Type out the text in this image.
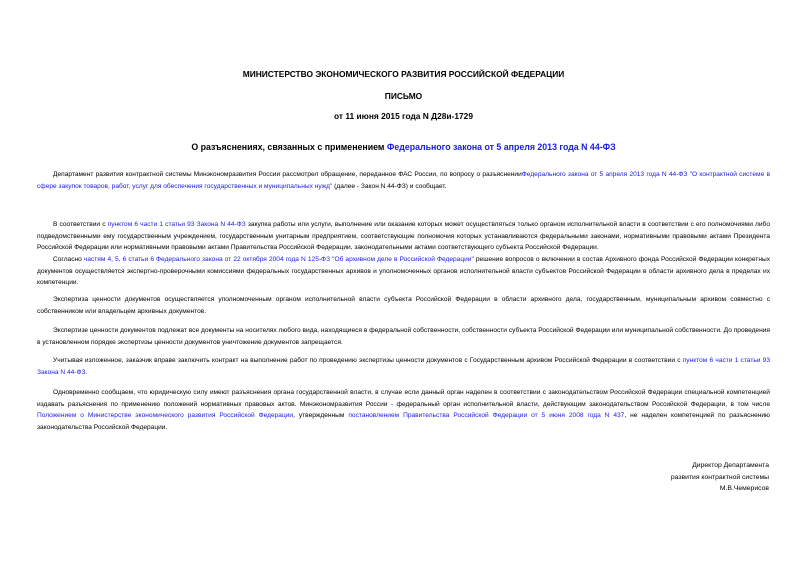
МИНИСТЕРСТВО ЭКОНОМИЧЕСКОГО РАЗВИТИЯ РОССИЙСКОЙ ФЕДЕРАЦИИ
ПИСЬМО
от 11 июня 2015 года N Д28и-1729
О разъяснениях, связанных с применением Федерального закона от 5 апреля 2013 года N 44-ФЗ
Департамент развития контрактной системы Минэкономразвития России рассмотрел обращение, переданное ФАС России, по вопросу о разъясненииФедерального закона от 5 апреля 2013 года N 44-ФЗ "О контрактной системе в сфере закупок товаров, работ, услуг для обеспечения государственных и муниципальных нужд" (далее - Закон N 44-ФЗ) и сообщает.
В соответствии с пунктом 6 части 1 статьи 93 Закона N 44-ФЗ закупка работы или услуги, выполнение или оказание которых может осуществляться только органом исполнительной власти в соответствии с его полномочиями либо подведомственными ему государственным учреждением, государственным унитарным предприятием, соответствующие полномочия которых устанавливаются федеральными законами, нормативными правовыми актами Президента Российской Федерации или нормативными правовыми актами Правительства Российской Федерации, законодательными актами соответствующего субъекта Российской Федерации.
Согласно частям 4, 5, 6 статьи 6 Федерального закона от 22 октября 2004 года N 125-ФЗ "Об архивном деле в Российской Федерации" решение вопросов о включении в состав Архивного фонда Российской Федерации конкретных документов осуществляется экспертно-проверочными комиссиями федеральных государственных архивов и уполномоченных органов исполнительной власти субъектов Российской Федерации в области архивного дела в пределах их компетенции.
Экспертиза ценности документов осуществляется уполномоченным органом исполнительной власти субъекта Российской Федерации в области архивного дела, государственным, муниципальным архивом совместно с собственником или владельцем архивных документов.
Экспертизе ценности документов подлежат все документы на носителях любого вида, находящиеся в федеральной собственности, собственности субъекта Российской Федерации или муниципальной собственности. До проведения в установленном порядке экспертизы ценности документов уничтожение документов запрещается.
Учитывая изложенное, заказчик вправе заключить контракт на выполнение работ по проведению экспертизы ценности документов с Государственным архивом Российской Федерации в соответствии с пунктом 6 части 1 статьи 93 Закона N 44-ФЗ.
Одновременно сообщаем, что юридическую силу имеют разъяснения органа государственной власти, в случае если данный орган наделен в соответствии с законодательством Российской Федерации специальной компетенцией издавать разъяснения по применению положений нормативных правовых актов. Минэкономразвития России - федеральный орган исполнительной власти, действующим законодательством Российской Федерации, в том числе Положением о Министерстве экономического развития Российской Федерации, утвержденным постановлением Правительства Российской Федерации от 5 июня 2008 года N 437, не наделен компетенцией по разъяснению законодательства Российской Федерации.
Директор Департамента
развития контрактной системы
М.В.Чемерисов
